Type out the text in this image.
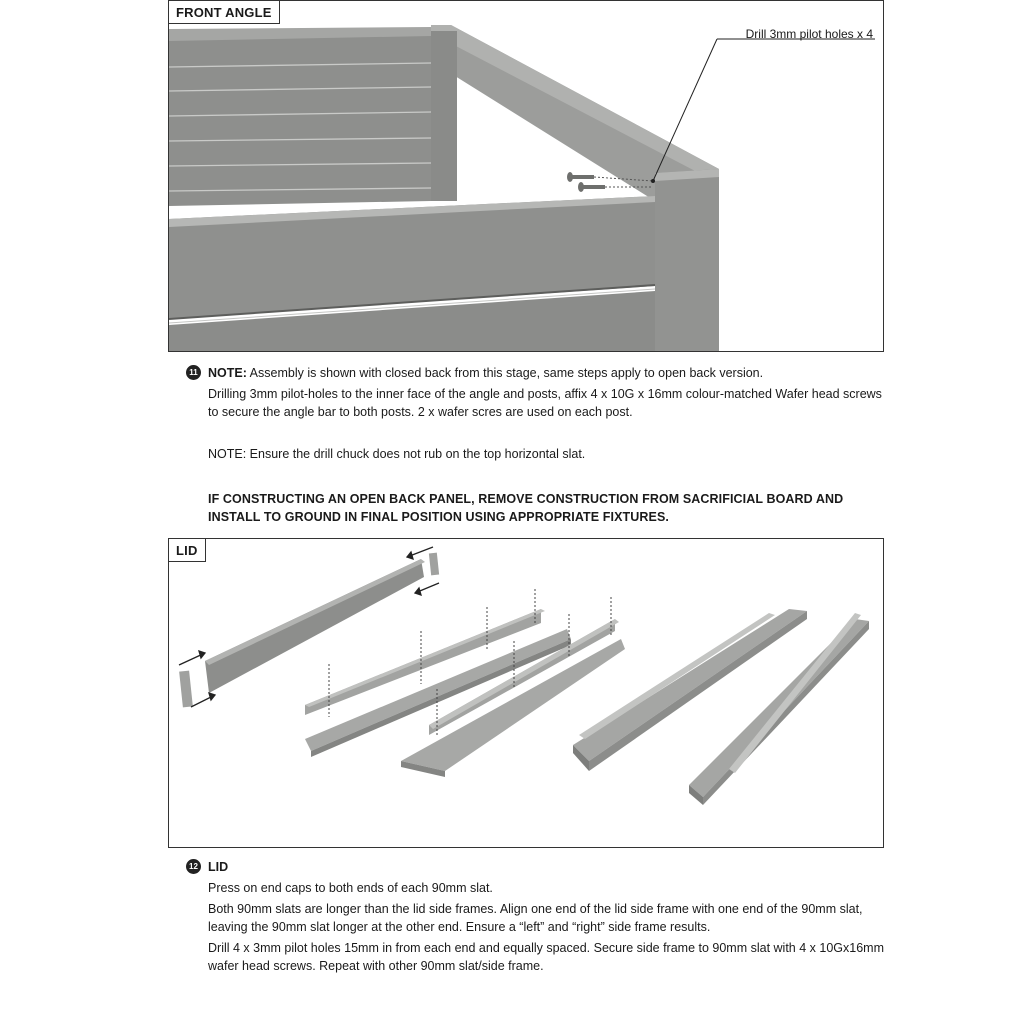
FRONT ANGLE
Drill 3mm pilot holes x 4
11 NOTE: Assembly is shown with closed back from this stage, same steps apply to open back version.

Drilling 3mm pilot-holes to the inner face of the angle and posts, affix 4 x 10G x 16mm colour-matched Wafer head screws to secure the angle bar to both posts. 2 x wafer scres are used on each post.

NOTE: Ensure the drill chuck does not rub on the top horizontal slat.
IF CONSTRUCTING AN OPEN BACK PANEL, REMOVE CONSTRUCTION FROM SACRIFICIAL BOARD AND INSTALL TO GROUND IN FINAL POSITION USING APPROPRIATE FIXTURES.
LID
12 LID

Press on end caps to both ends of each 90mm slat.

Both 90mm slats are longer than the lid side frames. Align one end of the lid side frame with one end of the 90mm slat, leaving the 90mm slat longer at the other end. Ensure a “left” and “right” side frame results.

Drill 4 x 3mm pilot holes 15mm in from each end and equally spaced. Secure side frame to 90mm slat with 4 x 10Gx16mm wafer head screws. Repeat with other 90mm slat/side frame.
